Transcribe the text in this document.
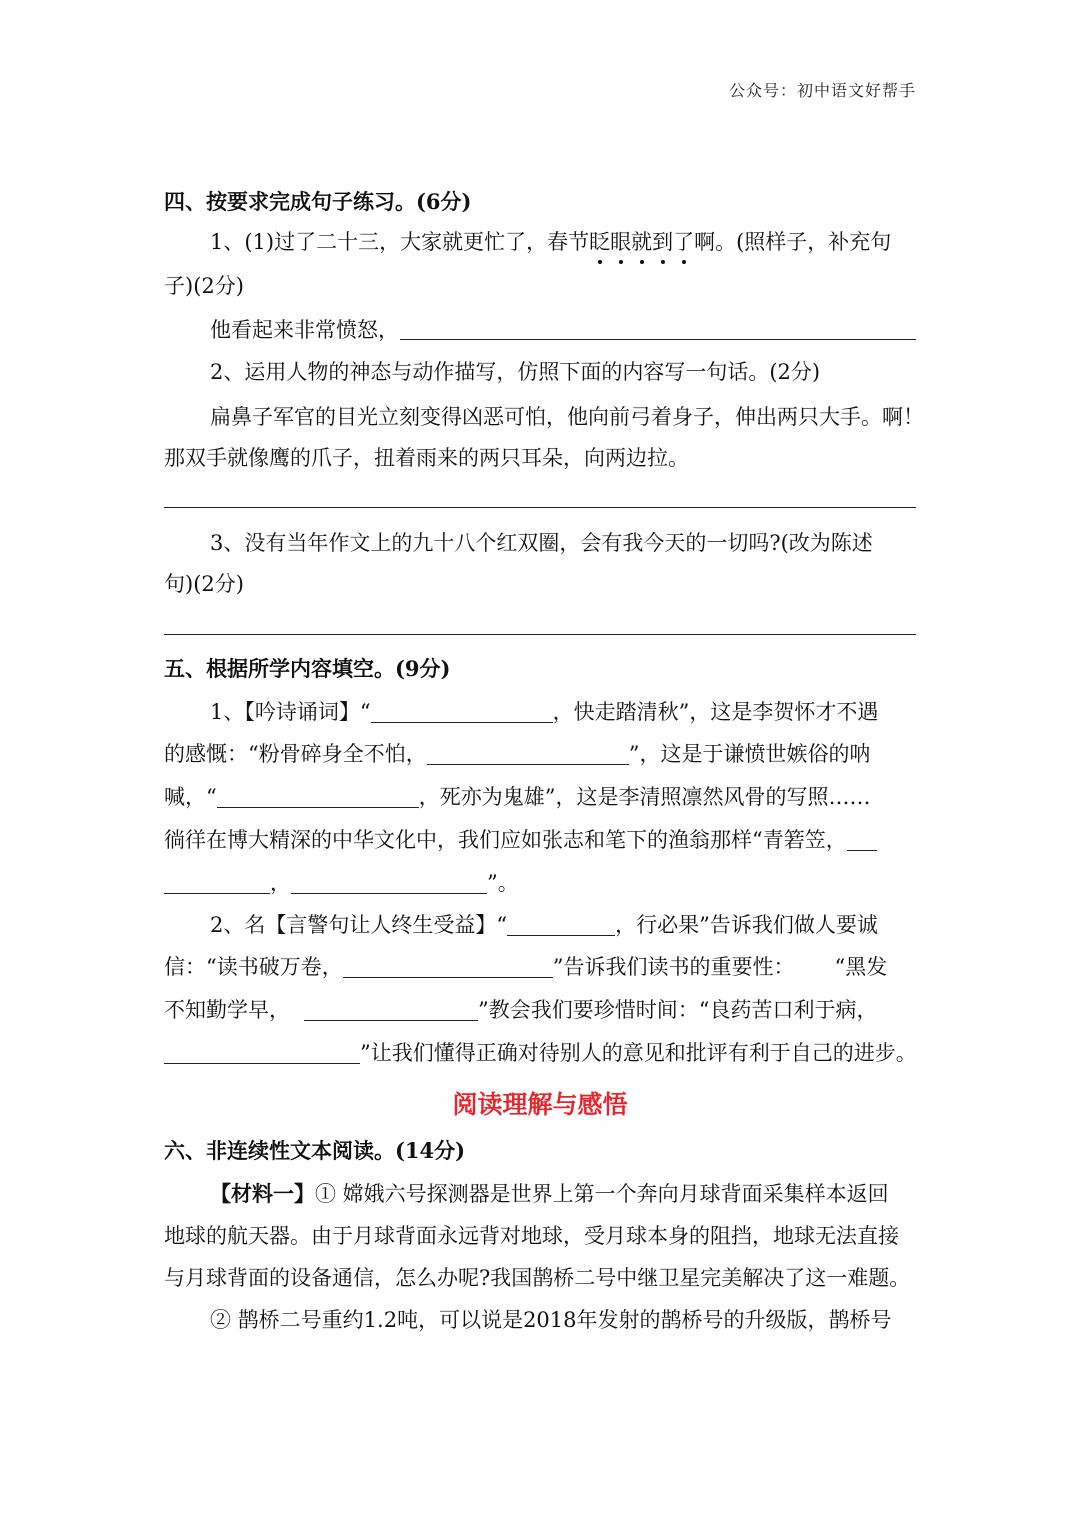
公众号：初中语文好帮手
四、按要求完成句子练习。(6分)
1、(1)过了二十三，大家就更忙了，春节眨眼就到了啊。(照样子，补充句
子)(2分)
他看起来非常愤怒，
2、运用人物的神态与动作描写，仿照下面的内容写一句话。(2分)
扁鼻子军官的目光立刻变得凶恶可怕，他向前弓着身子，伸出两只大手。啊！
那双手就像鹰的爪子，扭着雨来的两只耳朵，向两边拉。
3、没有当年作文上的九十八个红双圈，会有我今天的一切吗?(改为陈述
句)(2分)
五、根据所学内容填空。(9分)
1、【吟诗诵词】“	，快走踏清秋”，这是李贺怀才不遇
的感慨：“粉骨碎身全不怕，	”，这是于谦愤世嫉俗的呐
喊，“	，死亦为鬼雄”，这是李清照凛然风骨的写照……
徜徉在博大精深的中华文化中，我们应如张志和笔下的渔翁那样“青箬笠，
，	”。
2、名【言警句让人终生受益】“	，行必果”告诉我们做人要诚
信：“读书破万卷，	”告诉我们读书的重要性： “黑发
不知勤学早，	”教会我们要珍惜时间：“良药苦口利于病，
”让我们懂得正确对待别人的意见和批评有利于自己的进步。
阅读理解与感悟
六、非连续性文本阅读。(14分)
【材料一】① 嫦娥六号探测器是世界上第一个奔向月球背面采集样本返回
地球的航天器。由于月球背面永远背对地球，受月球本身的阻挡，地球无法直接
与月球背面的设备通信，怎么办呢?我国鹊桥二号中继卫星完美解决了这一难题。
② 鹊桥二号重约1.2吨，可以说是2018年发射的鹊桥号的升级版，鹊桥号
